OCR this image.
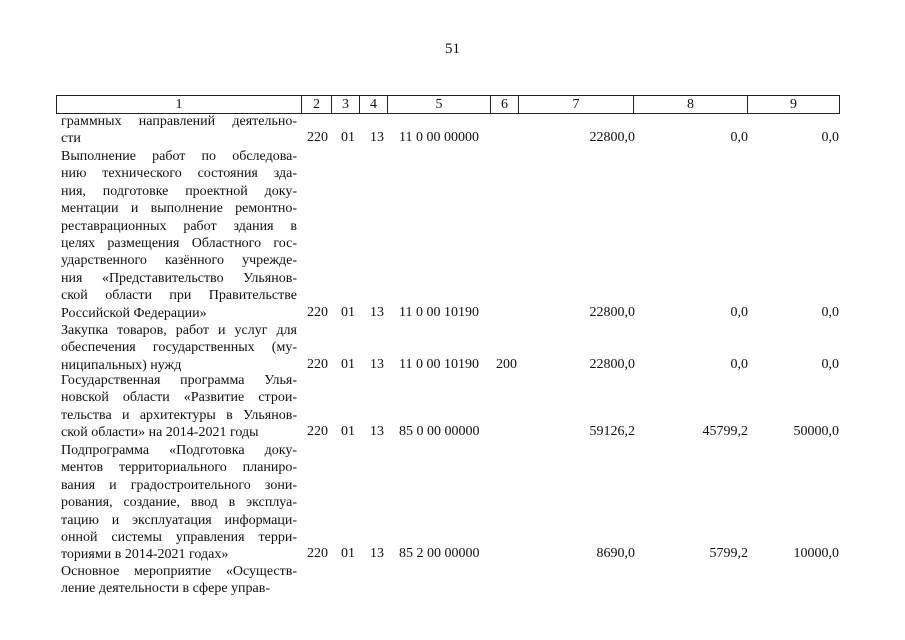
51
1	2	3	4	5	6	7	8	9
граммных направлений деятельно-
сти	220 01 13 11 0 00 00000	22800,0	0,0	0,0
Выполнение работ по обследова-
нию технического состояния зда-
ния, подготовке проектной доку-
ментации и выполнение ремонтно-
реставрационных работ здания в
целях размещения Областного гос-
ударственного казённого учрежде-
ния «Представительство Ульянов-
ской области при Правительстве
Российской Федерации»	220 01 13 11 0 00 10190	22800,0	0,0	0,0
Закупка товаров, работ и услуг для
обеспечения государственных (му-
ниципальных) нужд	220 01 13 11 0 00 10190 200	22800,0	0,0	0,0
Государственная программа Улья-
новской области «Развитие строи-
тельства и архитектуры в Ульянов-
ской области» на 2014-2021 годы	220 01 13 85 0 00 00000	59126,2	45799,2	50000,0
Подпрограмма «Подготовка доку-
ментов территориального планиро-
вания и градостроительного зони-
рования, создание, ввод в эксплуа-
тацию и эксплуатация информаци-
онной системы управления терри-
ториями в 2014-2021 годах»	220 01 13 85 2 00 00000	8690,0	5799,2	10000,0
Основное мероприятие «Осуществ-
ление деятельности в сфере управ-
